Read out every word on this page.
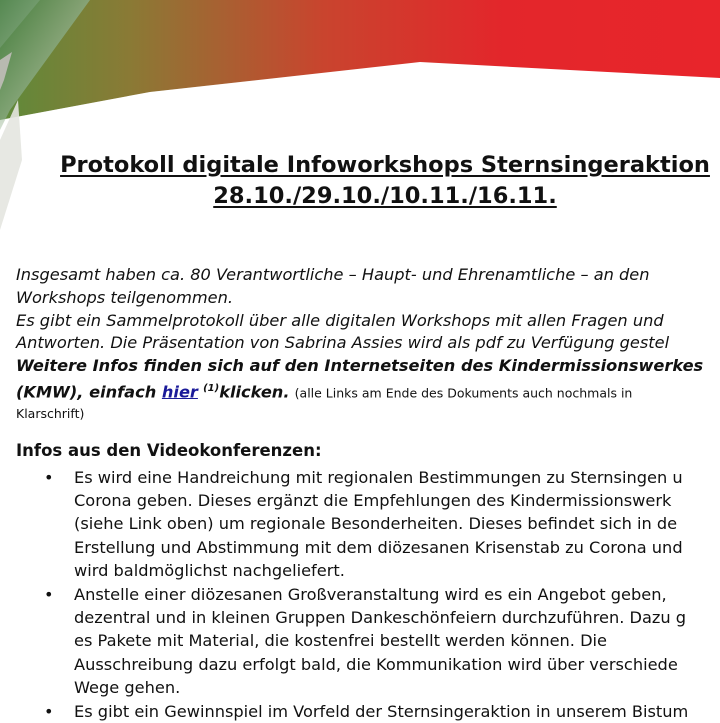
Protokoll digitale Infoworkshops Sternsingeraktion
28.10./29.10./10.11./16.11.
Insgesamt haben ca. 80 Verantwortliche – Haupt- und Ehrenamtliche – an den
Workshops teilgenommen.
Es gibt ein Sammelprotokoll über alle digitalen Workshops mit allen Fragen und
Antworten. Die Präsentation von Sabrina Assies wird als pdf zu Verfügung gestel
Weitere Infos finden sich auf den Internetseiten des Kindermissionswerkes
(KMW), einfach hier $^{(1)}$klicken. (alle Links am Ende des Dokuments auch nochmals in
Klarschrift)
Infos aus den Videokonferenzen:
• Es wird eine Handreichung mit regionalen Bestimmungen zu Sternsingen u
Corona geben. Dieses ergänzt die Empfehlungen des Kindermissionswerk
(siehe Link oben) um regionale Besonderheiten. Dieses befindet sich in de
Erstellung und Abstimmung mit dem diözesanen Krisenstab zu Corona und
wird baldmöglichst nachgeliefert.
• Anstelle einer diözesanen Großveranstaltung wird es ein Angebot geben,
dezentral und in kleinen Gruppen Dankeschönfeiern durchzuführen. Dazu g
es Pakete mit Material, die kostenfrei bestellt werden können. Die
Ausschreibung dazu erfolgt bald, die Kommunikation wird über verschiede
Wege gehen.
• Es gibt ein Gewinnspiel im Vorfeld der Sternsingeraktion in unserem Bistum
